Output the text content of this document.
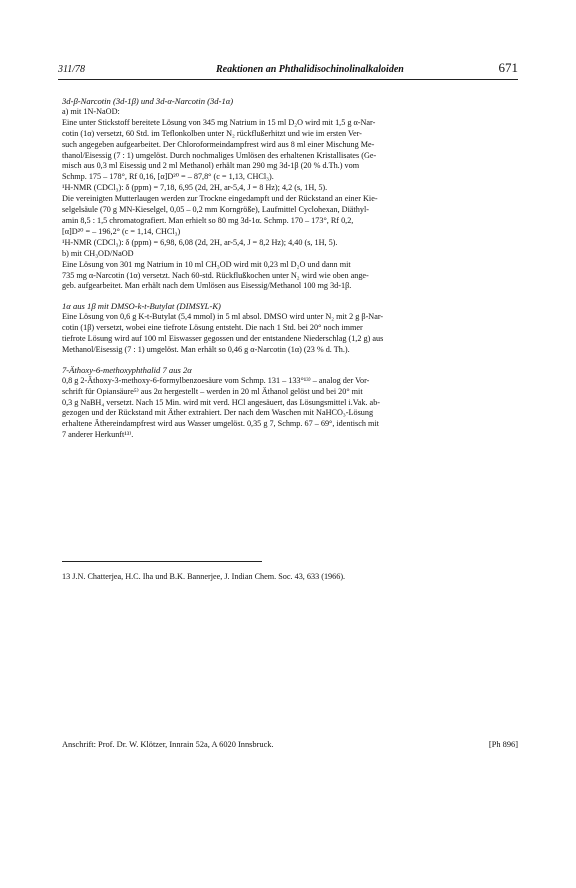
311/78	Reaktionen an Phthalidisochinolinalkaloiden	671
3d-β-Narcotin (3d-1β) und 3d-α-Narcotin (3d-1α)
a) mit 1N-NaOD:
Eine unter Stickstoff bereitete Lösung von 345 mg Natrium in 15 ml D₂O wird mit 1,5 g α-Nar-
cotin (1α) versetzt, 60 Std. im Teflonkolben unter N₂ rückflußerhitzt und wie im ersten Ver-
such angegeben aufgearbeitet. Der Chloroformeindampfrest wird aus 8 ml einer Mischung Me-
thanol/Eisessig (7 : 1) umgelöst. Durch nochmaliges Umlösen des erhaltenen Kristallisates (Ge-
misch aus 0,3 ml Eisessig und 2 ml Methanol) erhält man 290 mg 3d-1β (20 % d.Th.) vom
Schmp. 175 – 178°, Rf 0,16, [α]D²⁰ = – 87,8° (c = 1,13, CHCl₃).
¹H-NMR (CDCl₃): δ (ppm) = 7,18, 6,95 (2d, 2H, ar-5,4, J = 8 Hz); 4,2 (s, 1H, 5).
Die vereinigten Mutterlaugen werden zur Trockne eingedampft und der Rückstand an einer Kie-
selgelsäule (70 g MN-Kieselgel, 0,05 – 0,2 mm Korngröße), Laufmittel Cyclohexan, Diäthyl-
amin 8,5 : 1,5 chromatografiert. Man erhielt so 80 mg 3d-1α. Schmp. 170 – 173°, Rf 0,2,
[α]D²⁰ = – 196,2° (c = 1,14, CHCl₃)
¹H-NMR (CDCl₃): δ (ppm) = 6,98, 6,08 (2d, 2H, ar-5,4, J = 8,2 Hz); 4,40 (s, 1H, 5).
b) mit CH₃OD/NaOD
Eine Lösung von 301 mg Natrium in 10 ml CH₃OD wird mit 0,23 ml D₂O und dann mit
735 mg α-Narcotin (1α) versetzt. Nach 60-std. Rückflußkochen unter N₂ wird wie oben ange-
geb. aufgearbeitet. Man erhält nach dem Umlösen aus Eisessig/Methanol 100 mg 3d-1β.
1α aus 1β mit DMSO-k-t-Butylat (DIMSYL-K)
Eine Lösung von 0,6 g K-t-Butylat (5,4 mmol) in 5 ml absol. DMSO wird unter N₂ mit 2 g β-Nar-
cotin (1β) versetzt, wobei eine tiefrote Lösung entsteht. Die nach 1 Std. bei 20° noch immer
tiefrote Lösung wird auf 100 ml Eiswasser gegossen und der entstandene Niederschlag (1,2 g) aus
Methanol/Eisessig (7 : 1) umgelöst. Man erhält so 0,46 g α-Narcotin (1α) (23 % d. Th.).
7-Äthoxy-6-methoxyphthalid 7 aus 2α
0,8 g 2-Äthoxy-3-methoxy-6-formylbenzoesäure vom Schmp. 131 – 133°¹³⁾ – analog der Vor-
schrift für Opiansäure⁵⁾ aus 2α hergestellt – werden in 20 ml Äthanol gelöst und bei 20° mit
0,3 g NaBH₄ versetzt. Nach 15 Min. wird mit verd. HCl angesäuert, das Lösungsmittel i.Vak. ab-
gezogen und der Rückstand mit Äther extrahiert. Der nach dem Waschen mit NaHCO₃-Lösung
erhaltene Äthereindampfrest wird aus Wasser umgelöst. 0,35 g 7, Schmp. 67 – 69°, identisch mit
7 anderer Herkunft¹³⁾.
13 J.N. Chatterjea, H.C. Iha und B.K. Bannerjee, J. Indian Chem. Soc. 43, 633 (1966).
Anschrift: Prof. Dr. W. Klötzer, Innrain 52a, A 6020 Innsbruck.	[Ph 896]
